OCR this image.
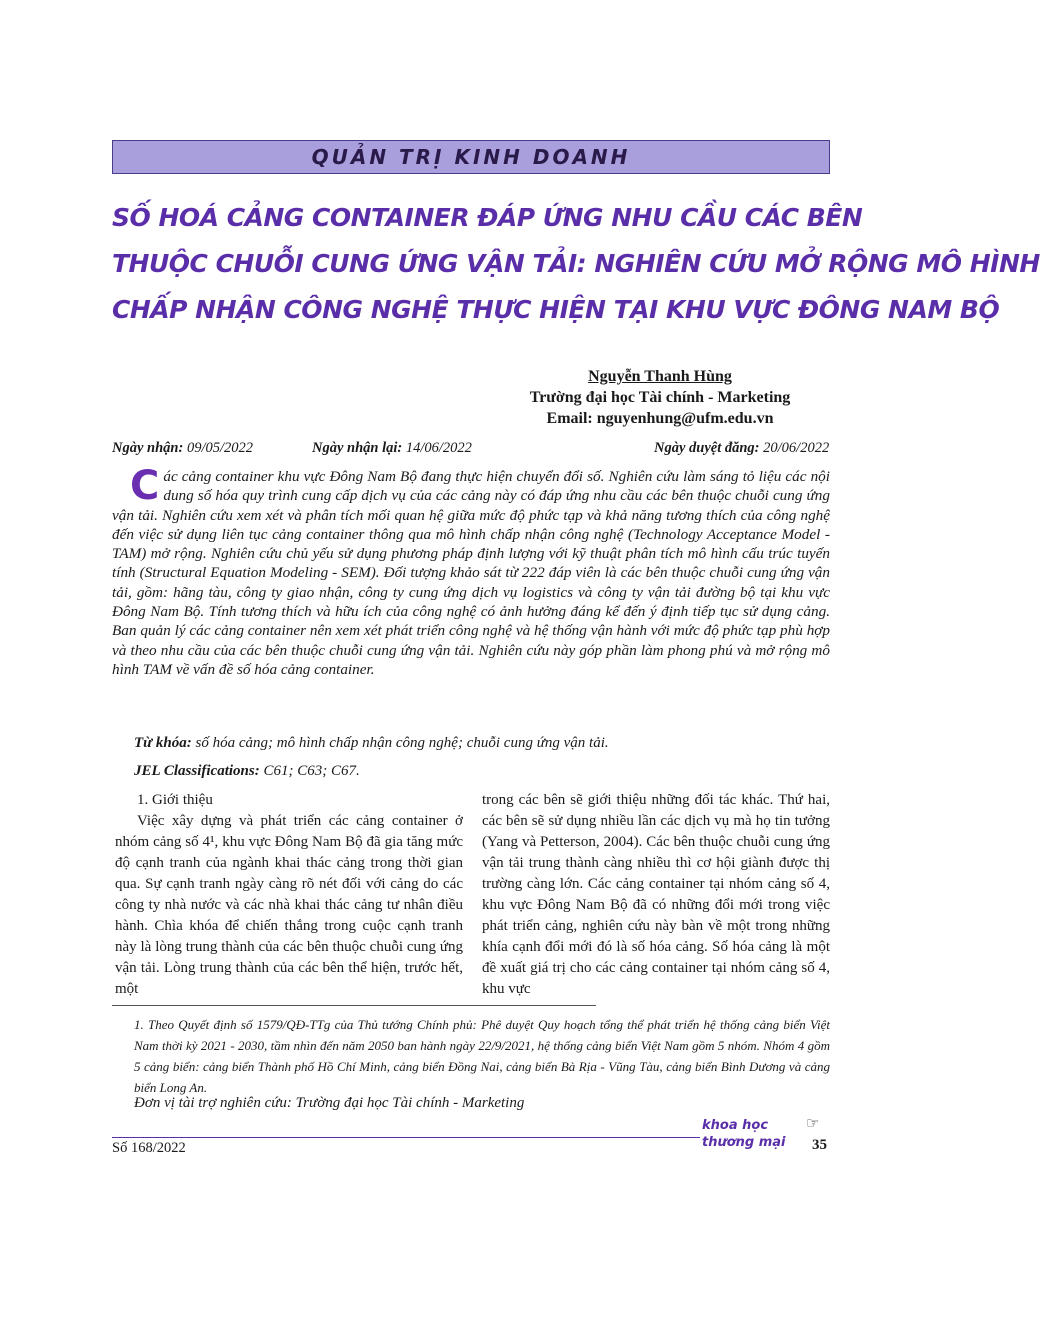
QUẢN TRỊ KINH DOANH
SỐ HOÁ CẢNG CONTAINER ĐÁP ỨNG NHU CẦU CÁC BÊN
THUỘC CHUỖI CUNG ỨNG VẬN TẢI: NGHIÊN CỨU MỞ RỘNG MÔ HÌNH
CHẤP NHẬN CÔNG NGHỆ THỰC HIỆN TẠI KHU VỰC ĐÔNG NAM BỘ
Nguyễn Thanh Hùng
Trường đại học Tài chính - Marketing
Email: nguyenhung@ufm.edu.vn
Ngày nhận: 09/05/2022	Ngày nhận lại: 14/06/2022	Ngày duyệt đăng: 20/06/2022
Các cảng container khu vực Đông Nam Bộ đang thực hiện chuyển đổi số. Nghiên cứu làm sáng tỏ liệu các nội dung số hóa quy trình cung cấp dịch vụ của các cảng này có đáp ứng nhu cầu các bên thuộc chuỗi cung ứng vận tải. Nghiên cứu xem xét và phân tích mối quan hệ giữa mức độ phức tạp và khả năng tương thích của công nghệ đến việc sử dụng liên tục cảng container thông qua mô hình chấp nhận công nghệ (Technology Acceptance Model - TAM) mở rộng. Nghiên cứu chủ yếu sử dụng phương pháp định lượng với kỹ thuật phân tích mô hình cấu trúc tuyến tính (Structural Equation Modeling - SEM). Đối tượng khảo sát từ 222 đáp viên là các bên thuộc chuỗi cung ứng vận tải, gồm: hãng tàu, công ty giao nhận, công ty cung ứng dịch vụ logistics và công ty vận tải đường bộ tại khu vực Đông Nam Bộ. Tính tương thích và hữu ích của công nghệ có ảnh hưởng đáng kể đến ý định tiếp tục sử dụng cảng. Ban quản lý các cảng container nên xem xét phát triển công nghệ và hệ thống vận hành với mức độ phức tạp phù hợp và theo nhu cầu của các bên thuộc chuỗi cung ứng vận tải. Nghiên cứu này góp phần làm phong phú và mở rộng mô hình TAM về vấn đề số hóa cảng container.
Từ khóa: số hóa cảng; mô hình chấp nhận công nghệ; chuỗi cung ứng vận tải.
JEL Classifications: C61; C63; C67.

1. Giới thiệu

Việc xây dựng và phát triển các cảng container ở nhóm cảng số 4¹, khu vực Đông Nam Bộ đã gia tăng mức độ cạnh tranh của ngành khai thác cảng trong thời gian qua. Sự cạnh tranh ngày càng rõ nét đối với cảng do các công ty nhà nước và các nhà khai thác cảng tư nhân điều hành. Chìa khóa để chiến thắng trong cuộc cạnh tranh này là lòng trung thành của các bên thuộc chuỗi cung ứng vận tải. Lòng trung thành của các bên thể hiện, trước hết, một

trong các bên sẽ giới thiệu những đối tác khác. Thứ hai, các bên sẽ sử dụng nhiều lần các dịch vụ mà họ tin tưởng (Yang và Petterson, 2004). Các bên thuộc chuỗi cung ứng vận tải trung thành càng nhiều thì cơ hội giành được thị trường càng lớn. Các cảng container tại nhóm cảng số 4, khu vực Đông Nam Bộ đã có những đổi mới trong việc phát triển cảng, nghiên cứu này bàn về một trong những khía cạnh đổi mới đó là số hóa cảng. Số hóa cảng là một đề xuất giá trị cho các cảng container tại nhóm cảng số 4, khu vực

1. Theo Quyết định số 1579/QĐ-TTg của Thủ tướng Chính phủ: Phê duyệt Quy hoạch tổng thể phát triển hệ thống cảng biển Việt Nam thời kỳ 2021 - 2030, tầm nhìn đến năm 2050 ban hành ngày 22/9/2021, hệ thống cảng biển Việt Nam gồm 5 nhóm. Nhóm 4 gồm 5 cảng biển: cảng biển Thành phố Hồ Chí Minh, cảng biển Đồng Nai, cảng biển Bà Rịa - Vũng Tàu, cảng biển Bình Dương và cảng biển Long An.
Đơn vị tài trợ nghiên cứu: Trường đại học Tài chính - Marketing
Số 168/2022
khoa học
thương mại
☞
35
